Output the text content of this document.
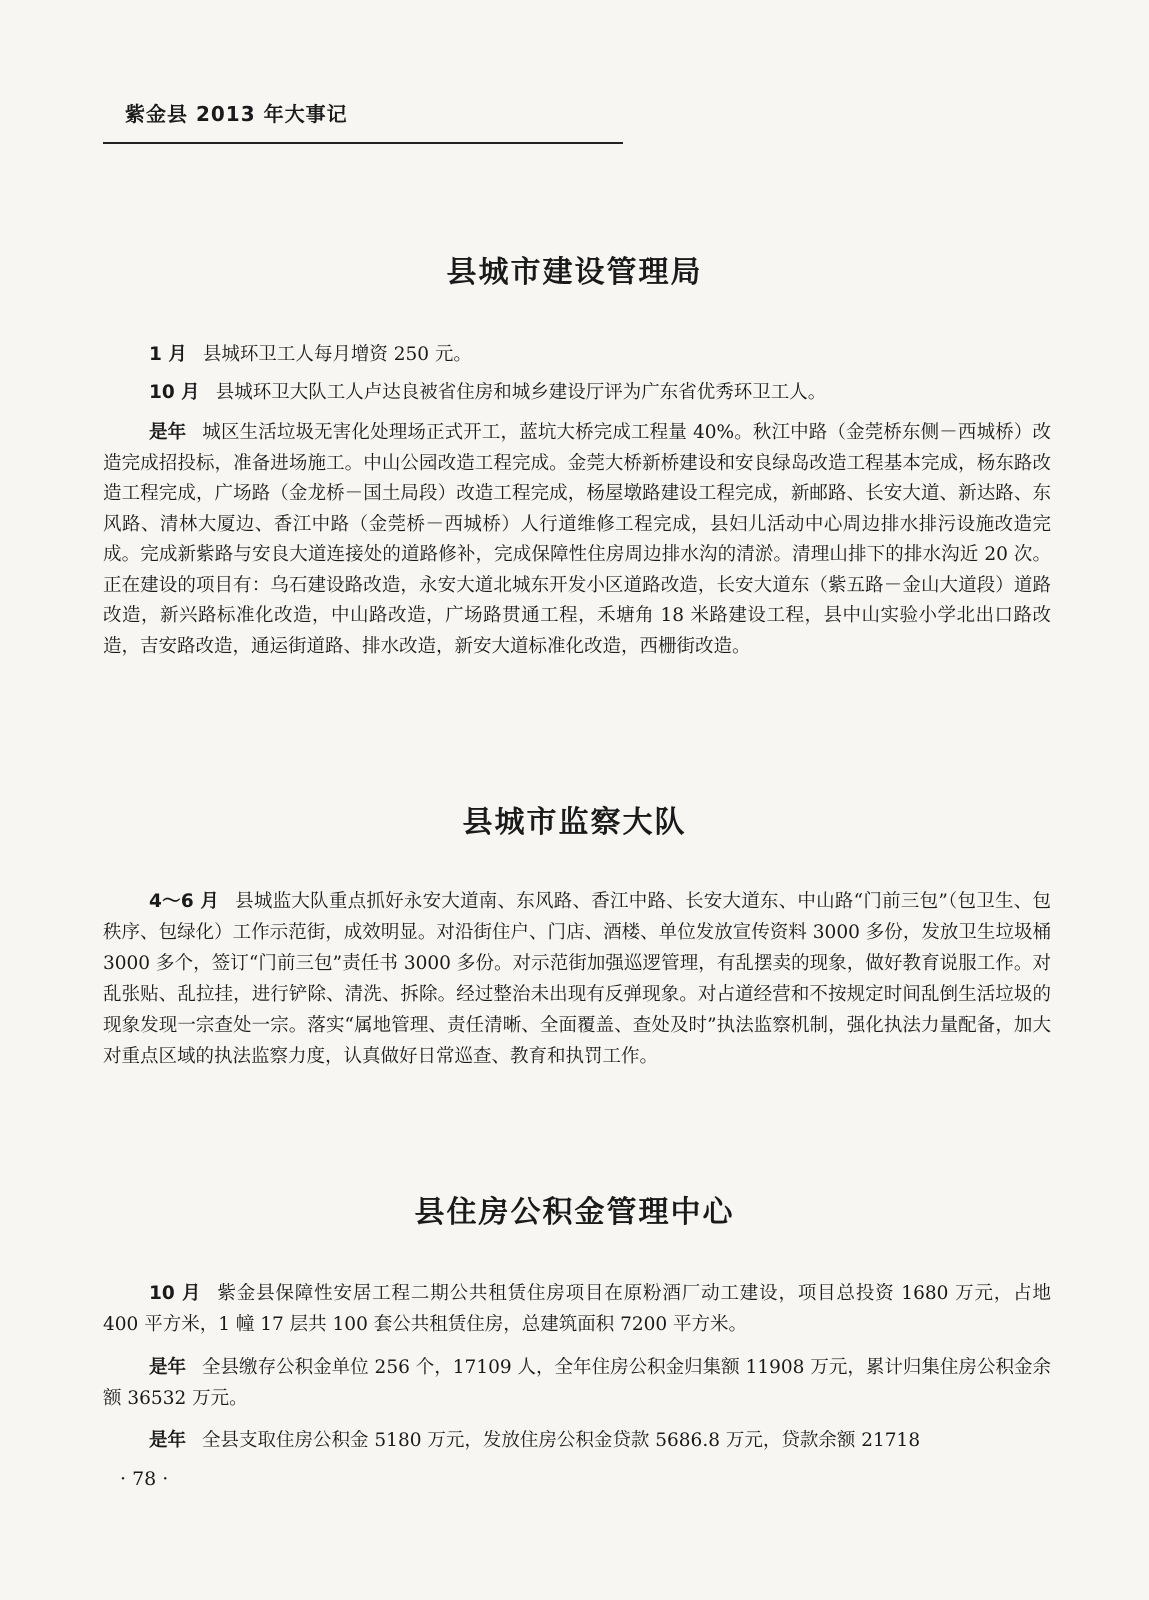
紫金县 2013 年大事记
县城市建设管理局

1 月 县城环卫工人每月增资 250 元。

10 月 县城环卫大队工人卢达良被省住房和城乡建设厅评为广东省优秀环卫工人。

是年 城区生活垃圾无害化处理场正式开工，蓝坑大桥完成工程量 40%。秋江中路（金莞桥东侧－西城桥）改造完成招投标，准备进场施工。中山公园改造工程完成。金莞大桥新桥建设和安良绿岛改造工程基本完成，杨东路改造工程完成，广场路（金龙桥－国土局段）改造工程完成，杨屋墩路建设工程完成，新邮路、长安大道、新达路、东风路、清林大厦边、香江中路（金莞桥－西城桥）人行道维修工程完成，县妇儿活动中心周边排水排污设施改造完成。完成新紫路与安良大道连接处的道路修补，完成保障性住房周边排水沟的清淤。清理山排下的排水沟近 20 次。正在建设的项目有：乌石建设路改造，永安大道北城东开发小区道路改造，长安大道东（紫五路－金山大道段）道路改造，新兴路标准化改造，中山路改造，广场路贯通工程，禾塘角 18 米路建设工程，县中山实验小学北出口路改造，吉安路改造，通运街道路、排水改造，新安大道标准化改造，西栅街改造。

县城市监察大队

4～6 月 县城监大队重点抓好永安大道南、东风路、香江中路、长安大道东、中山路“门前三包”（包卫生、包秩序、包绿化）工作示范街，成效明显。对沿街住户、门店、酒楼、单位发放宣传资料 3000 多份，发放卫生垃圾桶 3000 多个，签订“门前三包”责任书 3000 多份。对示范街加强巡逻管理，有乱摆卖的现象，做好教育说服工作。对乱张贴、乱拉挂，进行铲除、清洗、拆除。经过整治未出现有反弹现象。对占道经营和不按规定时间乱倒生活垃圾的现象发现一宗查处一宗。落实“属地管理、责任清晰、全面覆盖、查处及时”执法监察机制，强化执法力量配备，加大对重点区域的执法监察力度，认真做好日常巡查、教育和执罚工作。

县住房公积金管理中心

10 月 紫金县保障性安居工程二期公共租赁住房项目在原粉酒厂动工建设，项目总投资 1680 万元，占地 400 平方米，1 幢 17 层共 100 套公共租赁住房，总建筑面积 7200 平方米。

是年 全县缴存公积金单位 256 个，17109 人，全年住房公积金归集额 11908 万元，累计归集住房公积金余额 36532 万元。

是年 全县支取住房公积金 5180 万元，发放住房公积金贷款 5686.8 万元，贷款余额 21718

· 78 ·
